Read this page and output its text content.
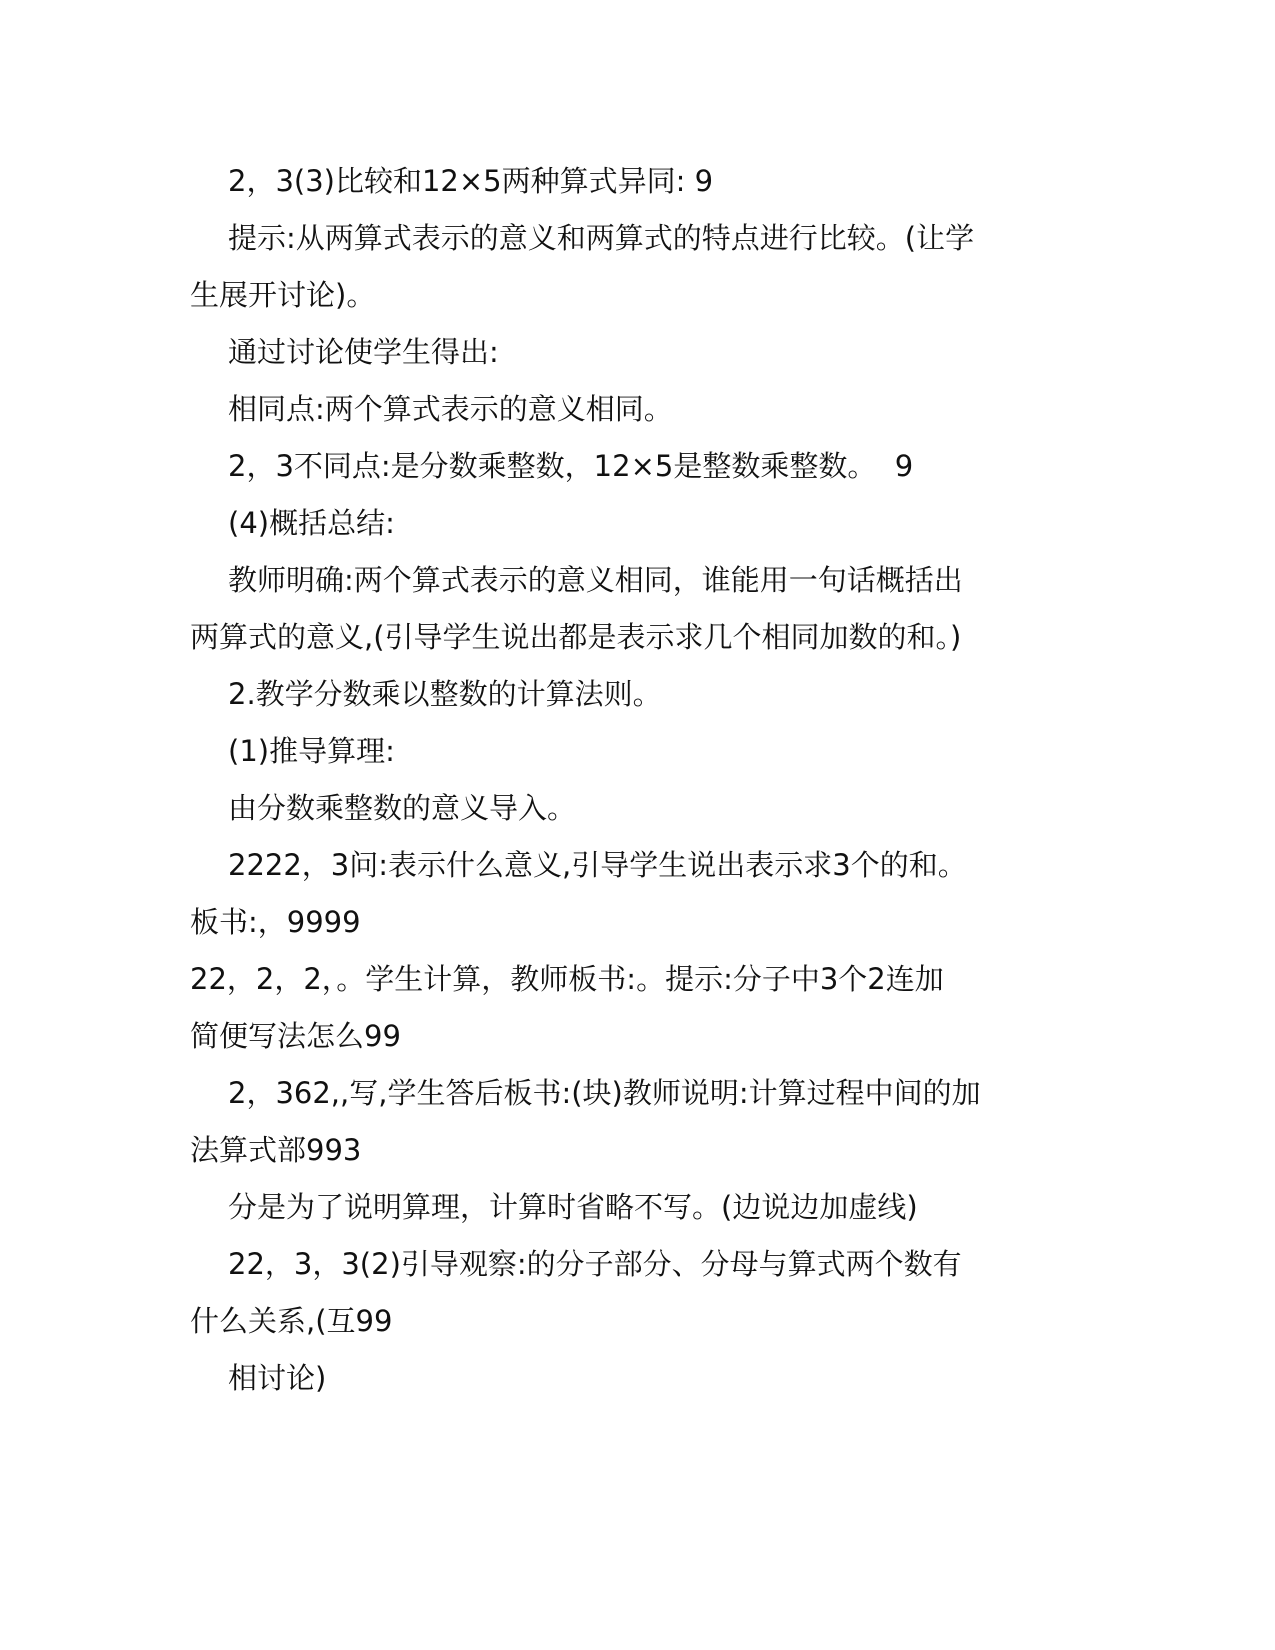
2，3(3)比较和12×5两种算式异同: 9
提示:从两算式表示的意义和两算式的特点进行比较。(让学
生展开讨论)。
通过讨论使学生得出:
相同点:两个算式表示的意义相同。
2，3不同点:是分数乘整数，12×5是整数乘整数。  9
(4)概括总结:
教师明确:两个算式表示的意义相同，谁能用一句话概括出
两算式的意义,(引导学生说出都是表示求几个相同加数的和。)
2.教学分数乘以整数的计算法则。
(1)推导算理:
由分数乘整数的意义导入。
2222，3问:表示什么意义,引导学生说出表示求3个的和。
板书:，9999
22，2，2，。学生计算，教师板书:。提示:分子中3个2连加
简便写法怎么99
2，362,,写,学生答后板书:(块)教师说明:计算过程中间的加
法算式部993
分是为了说明算理，计算时省略不写。(边说边加虚线)
22，3，3(2)引导观察:的分子部分、分母与算式两个数有
什么关系,(互99
相讨论)
